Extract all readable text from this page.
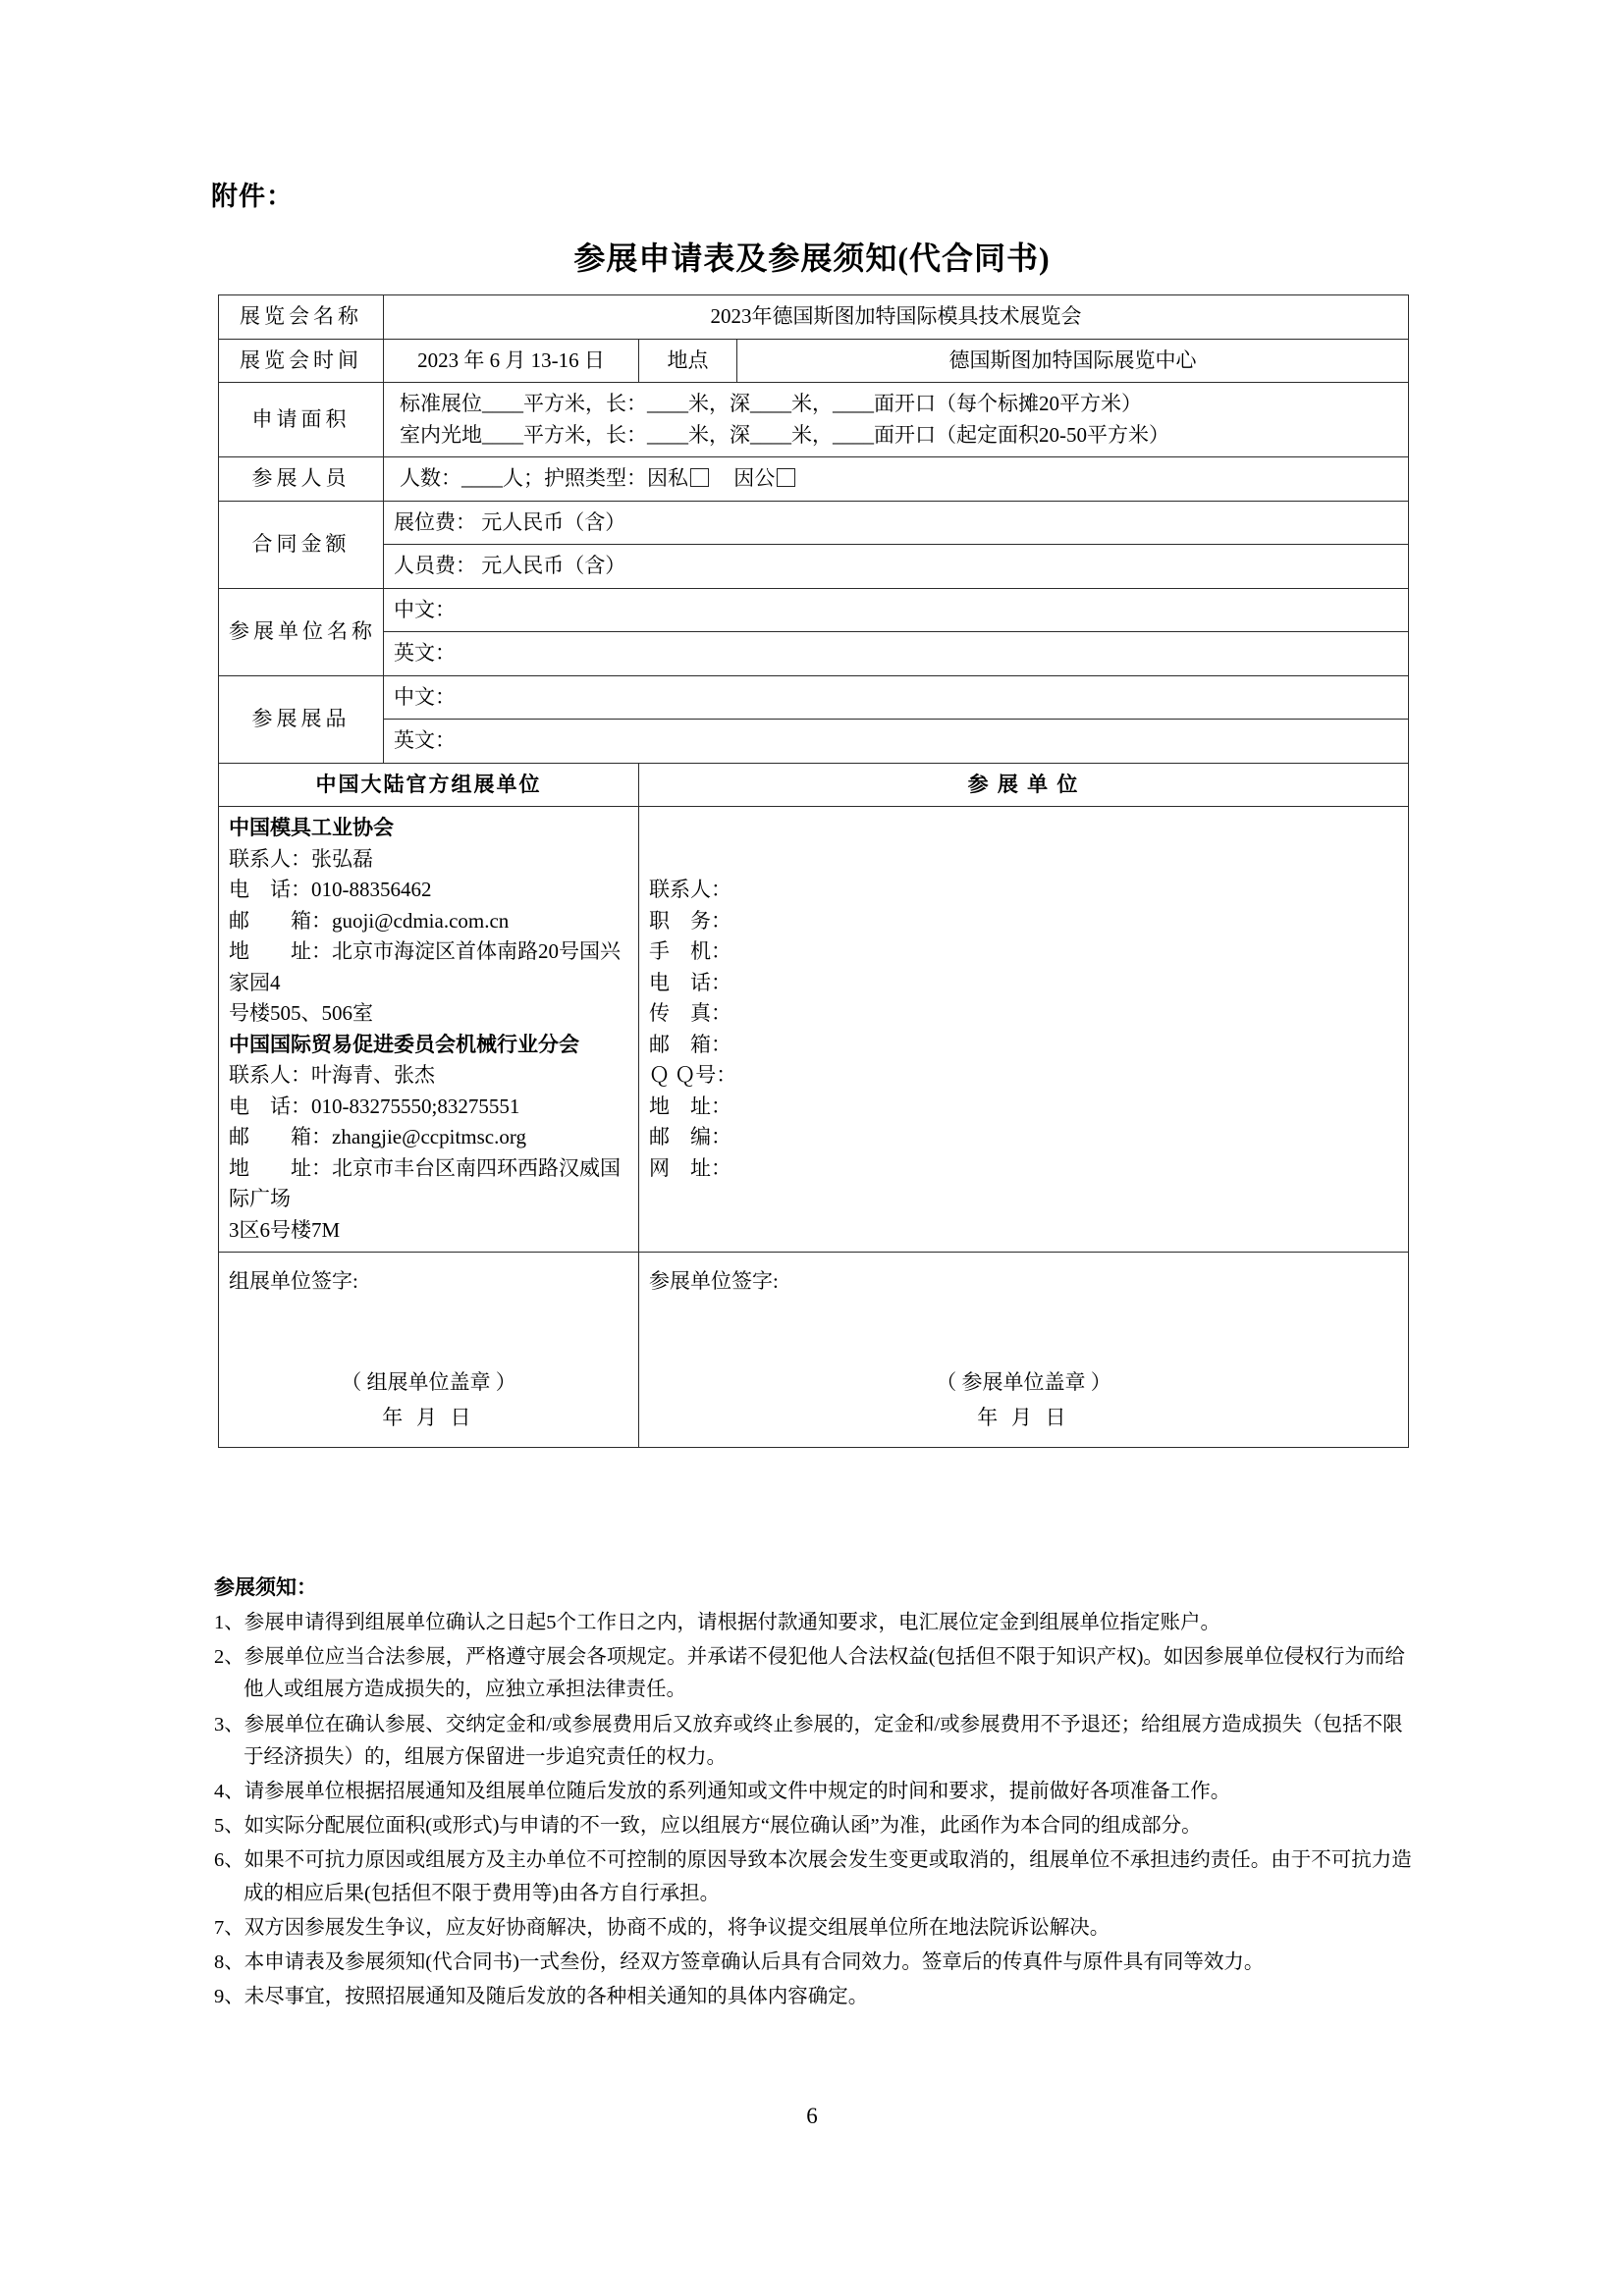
附件：
参展申请表及参展须知(代合同书)
展览会名称	2023年德国斯图加特国际模具技术展览会		
展览会时间	2023 年 6 月 13-16 日	地点	德国斯图加特国际展览中心
申请面积	标准展位____平方米，长：____米，深____米，____面开口（每个标摊20平方米）
室内光地____平方米，长：____米，深____米，____面开口（起定面积20-50平方米）		

参展人员	人数：____人；护照类型：因私 因公		
合同金额	展位费： 元人民币（含）		
	人员费： 元人民币（含）		
参展单位名称	中文：		
	英文：		
参展展品	中文：		
	英文：		
中国大陆官方组展单位		参 展 单 位	

中国模具工业协会
联系人：张弘磊
电　话：010-88356462
邮　　箱：guoji@cdmia.com.cn
地　　址：北京市海淀区首体南路20号国兴家园4
号楼505、506室
中国国际贸易促进委员会机械行业分会
联系人：叶海青、张杰
电　话：010-83275550;83275551
邮　　箱：zhangjie@ccpitmsc.org
地　　址：北京市丰台区南四环西路汉威国际广场
3区6号楼7M

联系人：
职　务：
手　机：
电　话：
传　真：
邮　箱：
Ｑ Ｑ号：
地　址：
邮　编：
网　址：

组展单位签字:
（ 组展单位盖章 ）
年 月 日

参展单位签字:
（ 参展单位盖章 ）
年 月 日
参展须知：

1、参展申请得到组展单位确认之日起5个工作日之内，请根据付款通知要求，电汇展位定金到组展单位指定账户。

2、参展单位应当合法参展，严格遵守展会各项规定。并承诺不侵犯他人合法权益(包括但不限于知识产权)。如因参展单位侵权行为而给他人或组展方造成损失的，应独立承担法律责任。

3、参展单位在确认参展、交纳定金和/或参展费用后又放弃或终止参展的，定金和/或参展费用不予退还；给组展方造成损失（包括不限于经济损失）的，组展方保留进一步追究责任的权力。

4、请参展单位根据招展通知及组展单位随后发放的系列通知或文件中规定的时间和要求，提前做好各项准备工作。

5、如实际分配展位面积(或形式)与申请的不一致，应以组展方“展位确认函”为准，此函作为本合同的组成部分。

6、如果不可抗力原因或组展方及主办单位不可控制的原因导致本次展会发生变更或取消的，组展单位不承担违约责任。由于不可抗力造成的相应后果(包括但不限于费用等)由各方自行承担。

7、双方因参展发生争议，应友好协商解决，协商不成的，将争议提交组展单位所在地法院诉讼解决。

8、本申请表及参展须知(代合同书)一式叁份，经双方签章确认后具有合同效力。签章后的传真件与原件具有同等效力。

9、未尽事宜，按照招展通知及随后发放的各种相关通知的具体内容确定。

6
